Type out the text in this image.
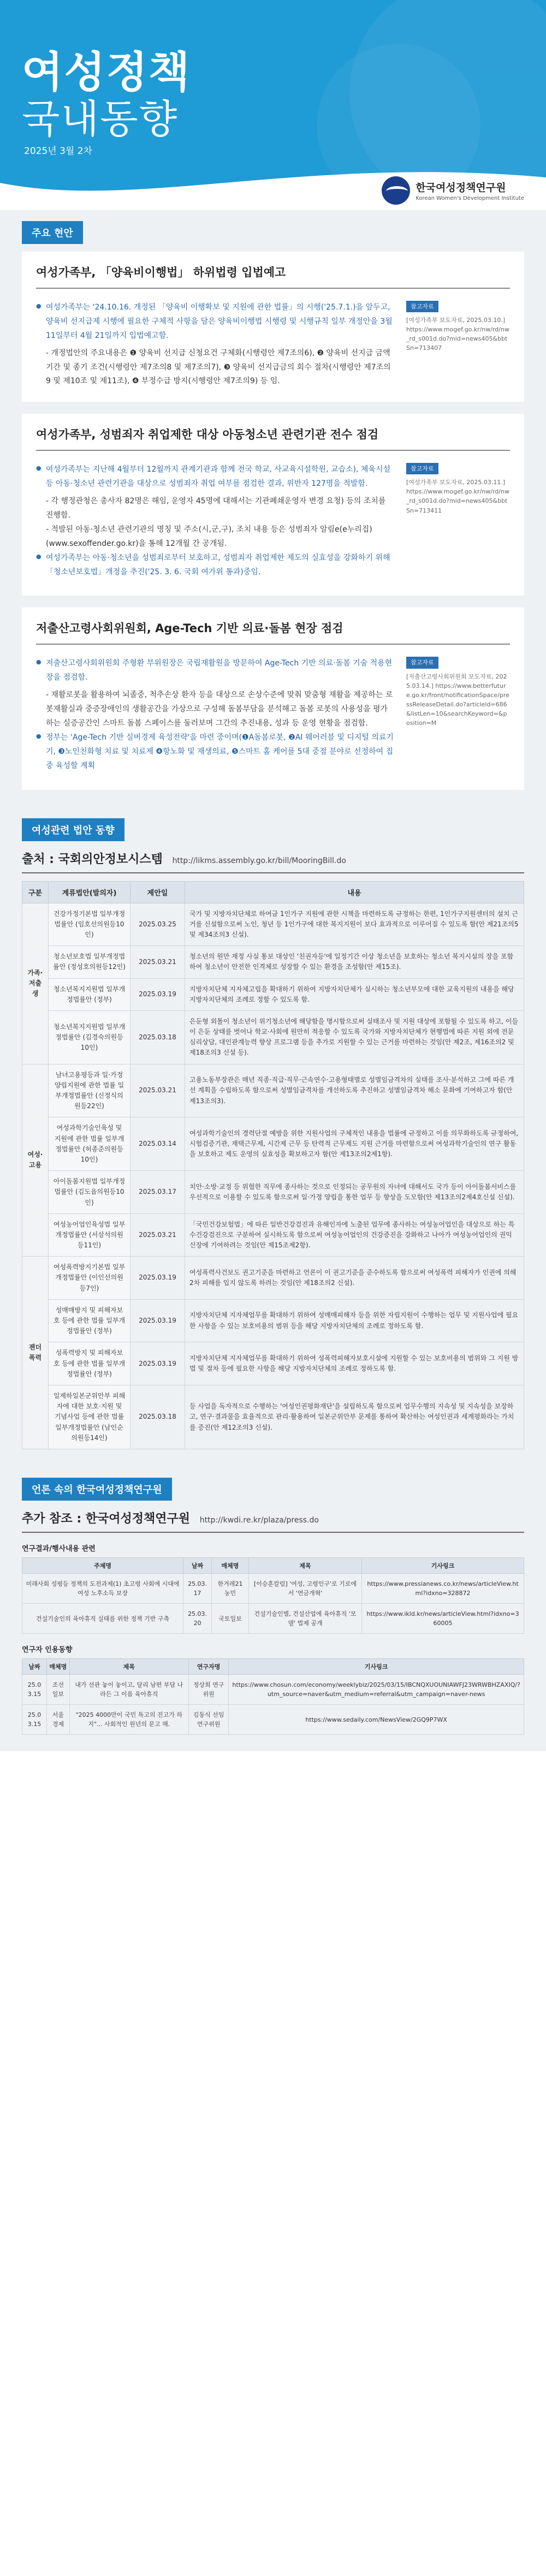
여성정책
국내동향
2025년 3월 2차
한국여성정책연구원
Korean Women's Development Institute
주요 현안
여성가족부, 「양육비이행법」 하위법령 입법예고
● 여성가족부는 '24.10.16. 개정된 「양육비 이행확보 및 지원에 관한 법률」의 시행('25.7.1.)을 앞두고, 양육비 선지급제 시행에 필요한 구체적 사항을 담은 양육비이행법 시행령 및 시행규칙 일부 개정안을 3월 11일부터 4월 21일까지 입법예고함.
- 개정법안의 주요내용은 ❶ 양육비 선지급 신청요건 구체화(시행령안 제7조의6), ❷ 양육비 선지급 금액 기간 및 종기 조건(시행령안 제7조의8 및 제7조의7), ❸ 양육비 선지급금의 회수 절차(시행령안 제7조의9 및 제10조 및 제11조), ❹ 부정수급 방지(시행령안 제7조의9) 등 임.
참고자료
[여성가족부 보도자료, 2025.03.10.] https://www.mogef.go.kr/nw/rd/nw_rd_s001d.do?mid=news405&bbtSn=713407
여성가족부, 성범죄자 취업제한 대상 아동청소년 관련기관 전수 점검
● 여성가족부는 지난해 4월부터 12월까지 관계기관과 함께 전국 학교, 사교육시설학원, 교습소), 체육시설 등 아동·청소년 관련기관을 대상으로 성범죄자 취업 여부를 점검한 결과, 위반자 127명을 적발함.
- 각 행정관청은 총사자 82명은 해임, 운영자 45명에 대해서는 기관폐쇄운영자 변경 요청) 등의 조치를 진행함.
- 적발된 아동·청소년 관련기관의 명칭 및 주소(시,군,구), 조치 내용 등은 성범죄자 알림e(e누리집)(www.sexoffender.go.kr)을 통해 12개월 간 공개됨.
● 여성가족부는 아동·청소년을 성범죄로부터 보호하고, 성범죄자 취업제한 제도의 실효성을 강화하기 위해 「청소년보호법」개정을 추진('25. 3. 6. 국회 여가위 통과)중임.
참고자료
[여성가족부 보도자료, 2025.03.11.] https://www.mogef.go.kr/nw/rd/nw_rd_s001d.do?mid=news405&bbtSn=713411
저출산고령사회위원회, Age-Tech 기반 의료·돌봄 현장 점검
● 저출산고령사회위원회 주형환 부위원장은 국립재활원을 방문하여 Age-Tech 기반 의료·돌봄 기술 적용현장을 점검함.
- 재활로봇을 활용하여 뇌졸중, 척추손상 환자 등을 대상으로 손상수준에 맞춰 맞춤형 재활을 제공하는 로봇재활실과 중증장애인의 생활공간을 가상으로 구성해 돌봄부담을 분석해고 돌봄 로봇의 사용성을 평가하는 실증공간인 스마트 돌봄 스페이스를 둘러보며 그간의 추진내용, 성과 등 운영 현황을 점검함.
● 정부는 'Age-Tech 기반 실버경제 육성전략'을 마련 중이며(❶A돌봄로봇, ❷AI 웨어러블 및 디지털 의료기기, ❸노인친화형 치료 및 치료제 ❹항노화 및 재생의료, ❺스마트 홈 케어를 5대 중점 분야로 선정하여 집중 육성할 계획
참고자료
[저출산고령사회위원회 보도자료, 2025.03.14.] https://www.betterfuture.go.kr/front/notificationSpace/pressReleaseDetail.do?articleld=686&listLen=10&searchKeyword=&position=M
여성관련 법안 동향
출처 : 국회의안정보시스템 http://likms.assembly.go.kr/bill/MooringBill.do
구분	계류법안(발의자)	제안일	내용
가족·저출생	건강가정기본법 일부개정법률안 (임호선의원등10인)	2025.03.25	국가 및 지방자치단체로 하여금 1인가구 지원에 관한 시책을 마련하도록 규정하는 한편, 1인가구지원센터의 설치 근거를 신설함으로써 노인, 청년 등 1인가구에 대한 복지지원이 보다 효과적으로 이루어질 수 있도록 함(안 제21조의5 및 제34조의3 신설).
	청소년보호법 일부개정법률안 (정성호의원등12인)	2025.03.21	청소년의 원만 재정 사실 통보 대상인 '친권자등'에 일정기간 이상 청소년을 보호하는 청소년 복지시설의 장을 포함하여 청소년이 안전한 인격체로 성장할 수 있는 환경을 조성함(안 제15조).
	청소년복지지원법 일부개정법률안 (정부)	2025.03.19	지방자치단체 지자체고립을 확대하기 위하여 지방자치단체가 실시하는 청소년부모에 대한 교육지원의 내용을 해당 지방자치단체의 조례로 정할 수 있도록 함.
	청소년복지지원법 일부개정법률안 (김경숙의원등10인)	2025.03.18	은둔형 외톨이 청소년이 위기청소년에 해당함을 명시함으로써 실태조사 및 지원 대상에 포함될 수 있도록 하고, 이들이 은둔 상태를 벗어나 학교·사회에 원만히 적응할 수 있도록 국가와 지방자치단체가 현행법에 따른 지원 외에 전문심리상담, 대인관계능력 향상 프로그램 등을 추가로 지원할 수 있는 근거를 마련하는 것임(안 제2조, 제16조의2 및 제18조의3 신설 등).
여성·고용	남녀고용평등과 일·가정 양립지원에 관한 법률 일부개정법률안 (신정식의원등22인)	2025.03.21	고용노동부장관은 매년 직종·직급·직무·근속연수·고용형태별로 성별임금격차의 실태를 조사·분석하고 그에 따른 개선 계획을 수립하도록 함으로써 성별임금격차를 개선하도록 추진하고 성별임금격차 해소 문화에 기여하고자 함(안 제13조의3).
	여성과학기술인육성 및 지원에 관한 법률 일부개정법률안 (허종준의원등10인)	2025.03.14	여성과학기술인의 경력단절 예방을 위한 지원사업의 구체적인 내용을 법률에 규정하고 이를 의무화하도록 규정하여, 시험검증기관, 재택근무제, 시간제 근무 등 탄력적 근무제도 지원 근거를 마련함으로써 여성과학기술인의 연구 활동을 보호하고 제도 운영의 실효성을 확보하고자 함(안 제13조의2제1항).
	아이돌봄지원법 일부개정법률안 (김도읍의원등10인)	2025.03.17	치안·소방·교정 등 위험한 직무에 종사하는 것으로 인정되는 공무원의 자녀에 대해서도 국가 등이 아이돌봄서비스를 우선적으로 이용할 수 있도록 함으로써 일·가정 양립을 통한 업무 등 향상을 도모함(안 제13조의2제4호신설 신설).
	여성농어업인육성법 일부개정법률안 (서삼석의원등11인)	2025.03.21	「국민건강보험법」에 따른 일반건강검진과 유해인자에 노출된 업무에 종사하는 여성농어업인을 대상으로 하는 특수건강검진으로 구분하여 실시하도록 함으로써 여성농어업인의 건강증진을 강화하고 나아가 여성농어업인의 권익 신장에 기여하려는 것임(안 제15조제2항).
젠더폭력	여성폭력방지기본법 일부개정법률안 (이인선의원등7인)	2025.03.19	여성폭력사건보도 권고기준을 마련하고 언론이 이 권고기준을 준수하도록 함으로써 여성폭력 피해자가 인권에 의해 2차 피해를 입지 않도록 하려는 것임(안 제18조의2 신설).
	성매매방지 및 피해자보호 등에 관한 법률 일부개정법률안 (정부)	2025.03.19	지방자치단체 지자체업무를 확대하기 위하여 성매매피해자 등을 위한 자립지원이 수행하는 업무 및 지원사업에 필요한 사항을 수 있는 보호비용의 범위 등을 해당 지방자치단체의 조례로 정하도록 함.
	성폭력방지 및 피해자보호 등에 관한 법률 일부개정법률안 (정부)	2025.03.19	지방자치단체 지자체업무를 확대하기 위하여 성폭력피해자보호시설에 지원할 수 있는 보호비용의 범위와 그 지원 방법 및 절차 등에 필요한 사항을 해당 지방자치단체의 조례로 정하도록 함.
	일제하일본군위안부 피해자에 대한 보호·지원 및 기념사업 등에 관한 법률 일부개정법률안 (남인순의원등14인)	2025.03.18	등 사업을 독자적으로 수행하는 '여성인권평화재단'을 설립하도록 함으로써 업무수행의 지속성 및 지속성을 보장하고, 연구·결과물을 효율적으로 관리·활용하여 일본군위안부 문제를 통하여 확산하는 여성인권과 세계평화라는 가치를 증진(안 제12조의3 신설).
언론 속의 한국여성정책연구원
추가 참조 : 한국여성정책연구원 http://kwdi.re.kr/plaza/press.do
연구결과/행사내용 관련
주제명	날짜	매체명	제목	기사링크
미래사회 성평등 정책의 도전과제(1) 초고령 사회에 시대에 여성 노후소득 보장	25.03.17	한겨레21 농민	[이승훈칼럼] '여성, 고령인구'로 기로에 서 '연금개혁'	https://www.pressianews.co.kr/news/articleView.html?idxno=328872
건설기술인의 육아휴직 실태를 위한 정책 기반 구축	25.03.20	국토일보	건설기술인별, 건설산업에 육아휴직 '모델' 법제 공개	https://www.ikld.kr/news/articleView.html?idxno=360005
연구자 인용동향
날짜	매체명	제목	연구자명	기사링크
25.03.15	조선일보	내가 선관 놓이 놓이고, 달리 남편 부담 나라든 그 이름 육아휴직	정상희 연구위원	https://www.chosun.com/economy/weeklybiz/2025/03/15/IBCNQXUOUNIAWFJ23WRWBHZAXIQ/?utm_source=naver&utm_medium=referral&utm_campaign=naver-news
25.03.15	서울경제	"2025 4000만이 국민 특고의 진고가 하지"... 사회적인 원년의 문고 해.	김동식 선임연구위원	https://www.sedaily.com/NewsView/2GQ9P7WX
